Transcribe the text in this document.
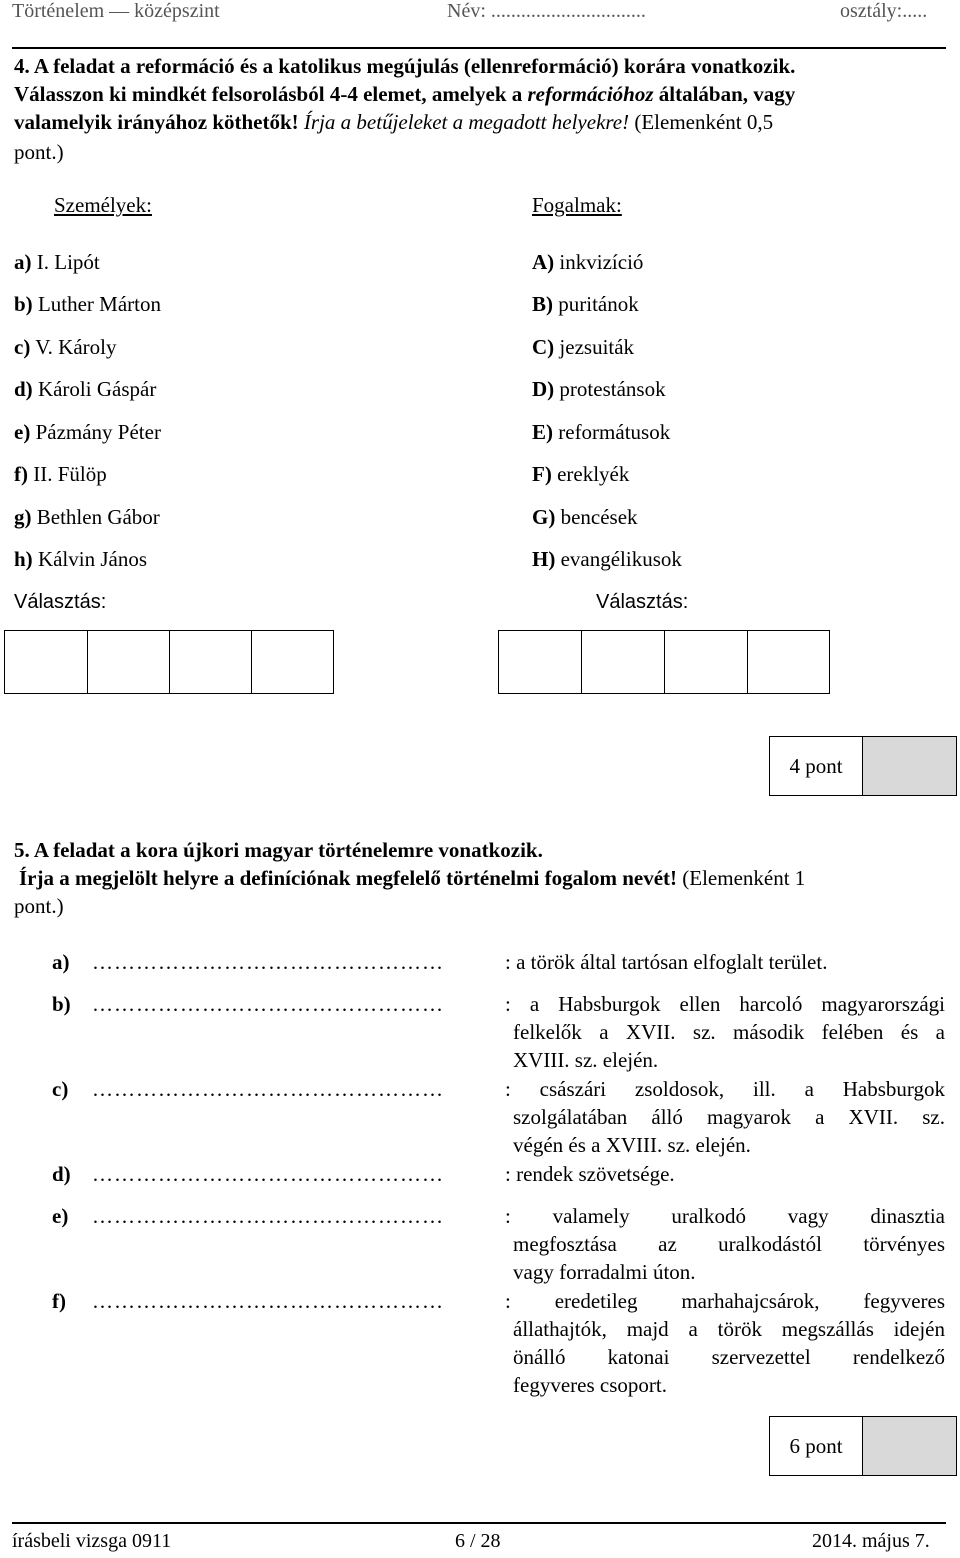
Történelem — középszint	Név: ...............................	osztály:.....
4. A feladat a reformáció és a katolikus megújulás (ellenreformáció) korára vonatkozik.
Válasszon ki mindkét felsorolásból 4-4 elemet, amelyek a reformációhoz általában, vagy
valamelyik irányához köthetők! Írja a betűjeleket a megadott helyekre! (Elemenként 0,5
pont.)
Személyek:	Fogalmak:
a) I. Lipót
b) Luther Márton
c) V. Károly
d) Károli Gáspár
e) Pázmány Péter
f) II. Fülöp
g) Bethlen Gábor
h) Kálvin János
A) inkvizíció
B) puritánok
C) jezsuiták
D) protestánsok
E) reformátusok
F) ereklyék
G) bencések
H) evangélikusok
Választás:	Választás:
4 pont
5. A feladat a kora újkori magyar történelemre vonatkozik.
Írja a megjelölt helyre a definíciónak megfelelő történelmi fogalom nevét! (Elemenként 1
pont.)
a) …………………………………………	: a török által tartósan elfoglalt terület.
b) …………………………………………	: a Habsburgok ellen harcoló magyarországi
felkelők a XVII. sz. második felében és a
XVIII. sz. elején.
c) …………………………………………	: császári zsoldosok, ill. a Habsburgok
szolgálatában álló magyarok a XVII. sz.
végén és a XVIII. sz. elején.
d) …………………………………………	: rendek szövetsége.
e) …………………………………………	: valamely uralkodó vagy dinasztia
megfosztása az uralkodástól törvényes
vagy forradalmi úton.
f) …………………………………………	: eredetileg marhahajcsárok, fegyveres
állathajtók, majd a török megszállás idején
önálló katonai szervezettel rendelkező
fegyveres csoport.
6 pont
írásbeli vizsga 0911	6 / 28	2014. május 7.
